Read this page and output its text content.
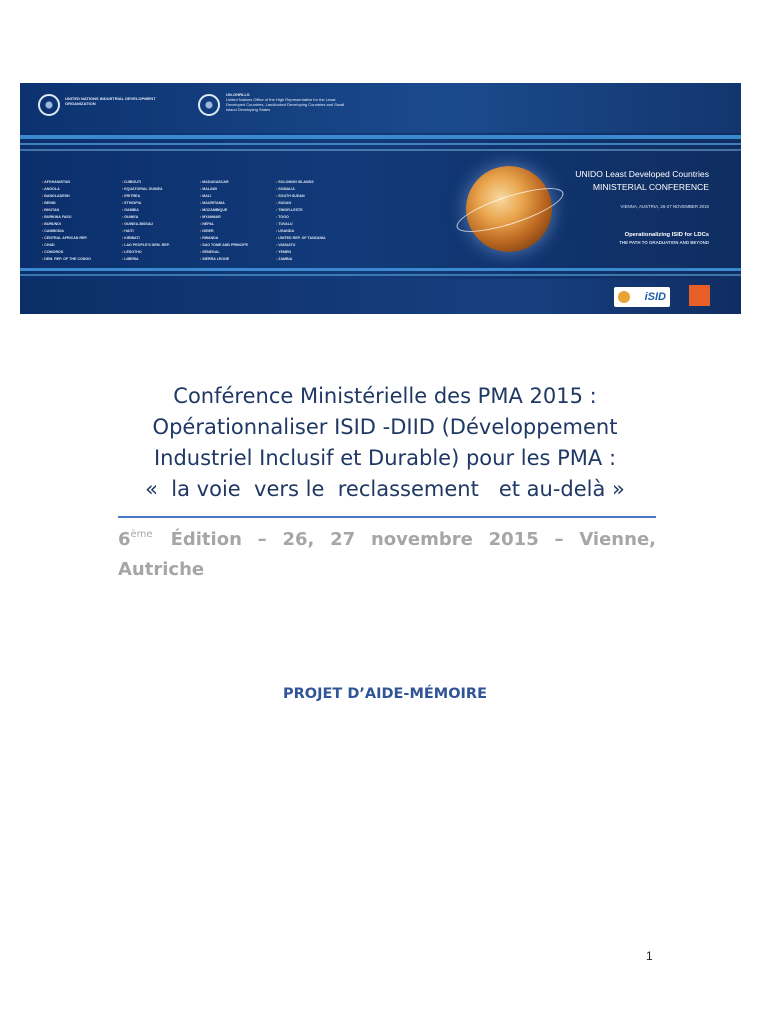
UNITED NATIONS INDUSTRIAL DEVELOPMENT ORGANIZATION
UN-OHRLLS
United Nations Office of the High Representative for the Least Developed Countries, Landlocked Developing Countries and Small Island Developing States
• AFGHANISTAN
• ANGOLA
• BANGLADESH
• BENIN
• BHUTAN
• BURKINA FASO
• BURUNDI
• CAMBODIA
• CENTRAL AFRICAN REP.
• CHAD
• COMOROS
• DEM. REP. OF THE CONGO
• DJIBOUTI
• EQUATORIAL GUINEA
• ERITREA
• ETHIOPIA
• GAMBIA
• GUINEA
• GUINEA-BISSAU
• HAITI
• KIRIBATI
• LAO PEOPLE'S DEM. REP.
• LESOTHO
• LIBERIA
• MADAGASCAR
• MALAWI
• MALI
• MAURITANIA
• MOZAMBIQUE
• MYANMAR
• NEPAL
• NIGER
• RWANDA
• SAO TOME AND PRINCIPE
• SENEGAL
• SIERRA LEONE
• SOLOMON ISLANDS
• SOMALIA
• SOUTH SUDAN
• SUDAN
• TIMOR-LESTE
• TOGO
• TUVALU
• UGANDA
• UNITED REP. OF TANZANIA
• VANUATU
• YEMEN
• ZAMBIA
UNIDO Least Developed Countries
MINISTERIAL CONFERENCE
VIENNA, AUSTRIA, 26-27 NOVEMBER 2015
Operationalizing ISID for LDCs
THE PATH TO GRADUATION AND BEYOND
iSID
Conférence Ministérielle des PMA 2015 :
Opérationnaliser ISID -DIID (Développement
Industriel Inclusif et Durable) pour les PMA :
«  la voie  vers le  reclassement   et au-delà »
6ème Édition – 26, 27 novembre 2015 – Vienne, Autriche
PROJET D’AIDE-MÉMOIRE
1
